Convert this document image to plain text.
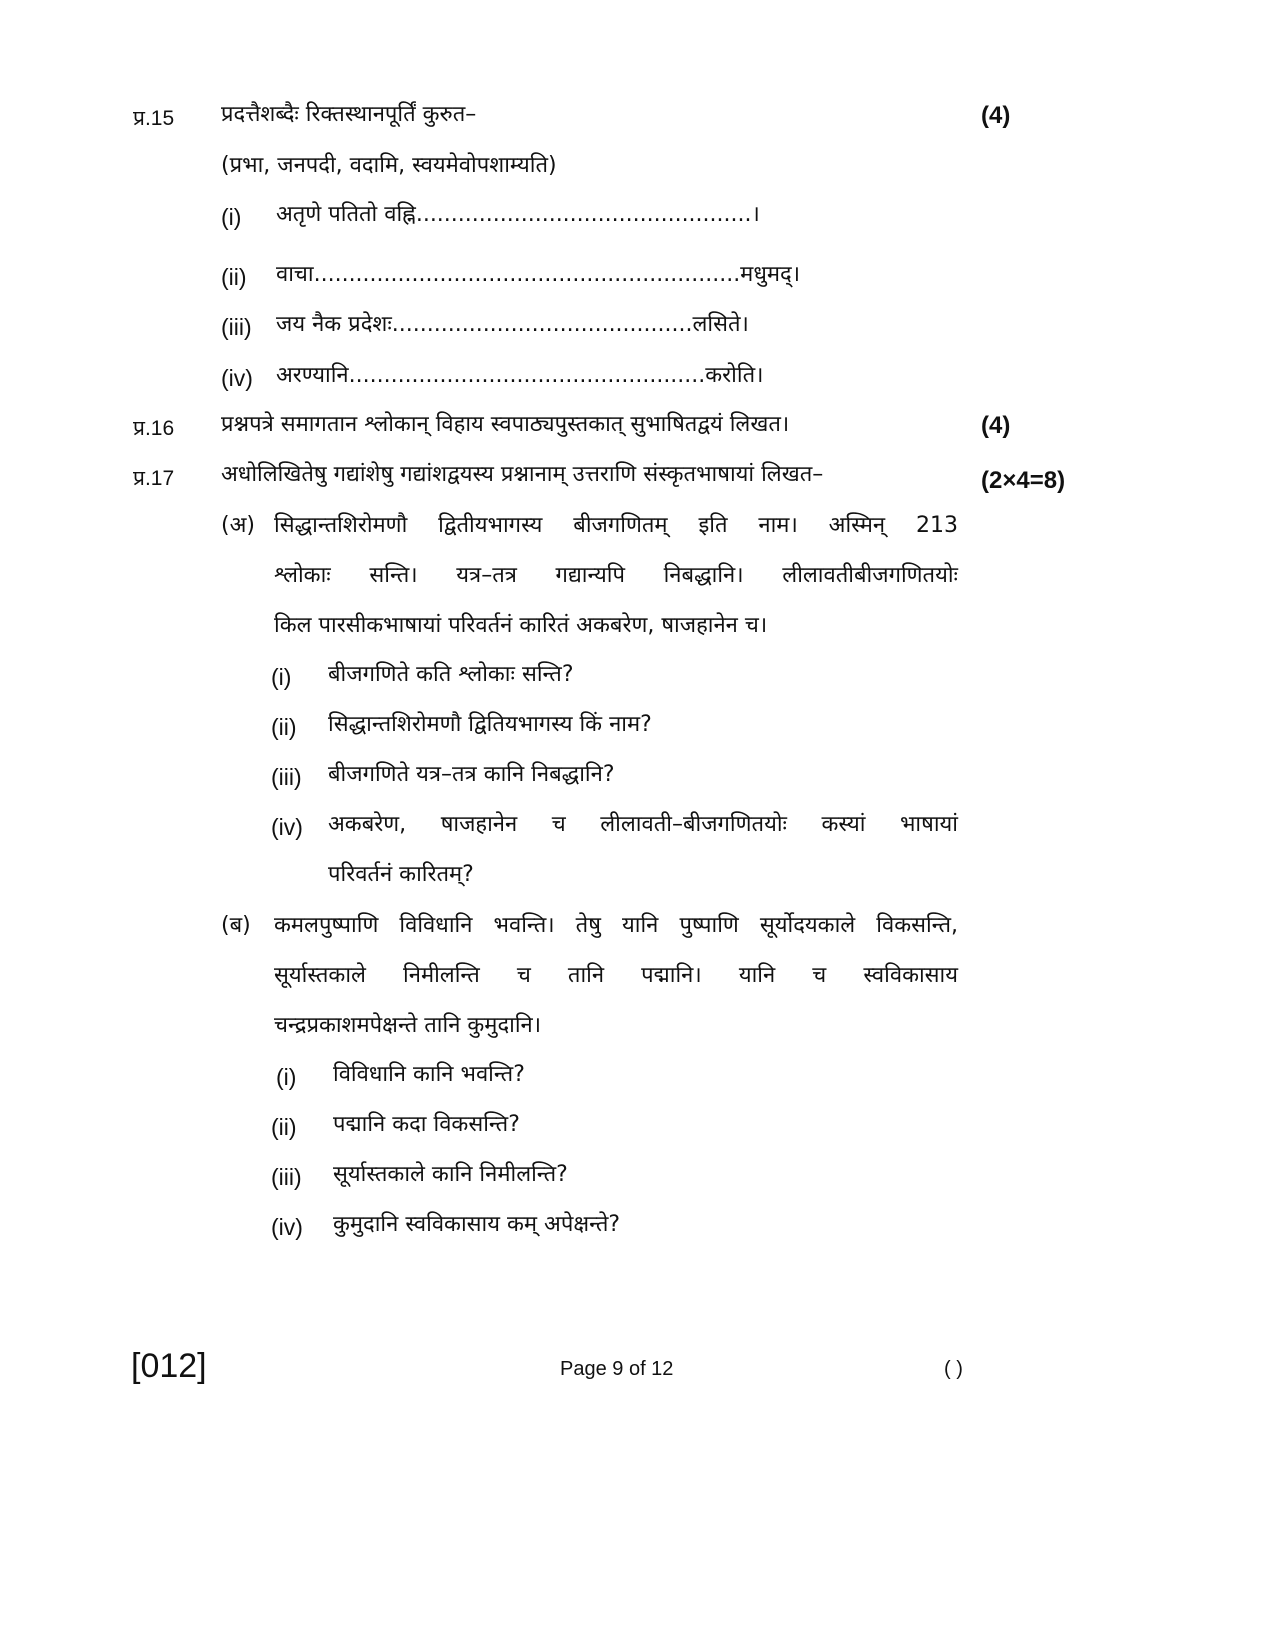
प्र.15 प्रदत्तैशब्दैः रिक्तस्थानपूर्तिं कुरुत–	(4)
(प्रभा, जनपदी, वदामि, स्वयमेवोपशाम्यति)
(i) अतृणे पतितो वह्नि................................................।
(ii) वाचा.............................................................मधुमद्।
(iii) जय नैक प्रदेशः...........................................लसिते।
(iv) अरण्यानि...................................................करोति।
प्र.16 प्रश्नपत्रे समागतान श्लोकान् विहाय स्वपाठ्यपुस्तकात् सुभाषितद्वयं लिखत।	(4)
प्र.17 अधोलिखितेषु गद्यांशेषु गद्यांशद्वयस्य प्रश्नानाम् उत्तराणि संस्कृतभाषायां लिखत–	(2×4=8)
(अ) सिद्धान्तशिरोमणौ द्वितीयभागस्य बीजगणितम् इति नाम। अस्मिन् 213
श्लोकाः सन्ति। यत्र–तत्र गद्यान्यपि निबद्धानि। लीलावतीबीजगणितयोः
किल पारसीकभाषायां परिवर्तनं कारितं अकबरेण, षाजहानेन च।
(i) बीजगणिते कति श्लोकाः सन्ति?
(ii) सिद्धान्तशिरोमणौ द्वितियभागस्य किं नाम?
(iii) बीजगणिते यत्र–तत्र कानि निबद्धानि?
(iv) अकबरेण, षाजहानेन च लीलावती–बीजगणितयोः कस्यां भाषायां
परिवर्तनं कारितम्?
(ब) कमलपुष्पाणि विविधानि भवन्ति। तेषु यानि पुष्पाणि सूर्योदयकाले विकसन्ति,
सूर्यास्तकाले निमीलन्ति च तानि पद्मानि। यानि च स्वविकासाय
चन्द्रप्रकाशमपेक्षन्ते तानि कुमुदानि।
(i) विविधानि कानि भवन्ति?
(ii) पद्मानि कदा विकसन्ति?
(iii) सूर्यास्तकाले कानि निमीलन्ति?
(iv) कुमुदानि स्वविकासाय कम् अपेक्षन्ते?
[012]	Page 9 of 12	( )
